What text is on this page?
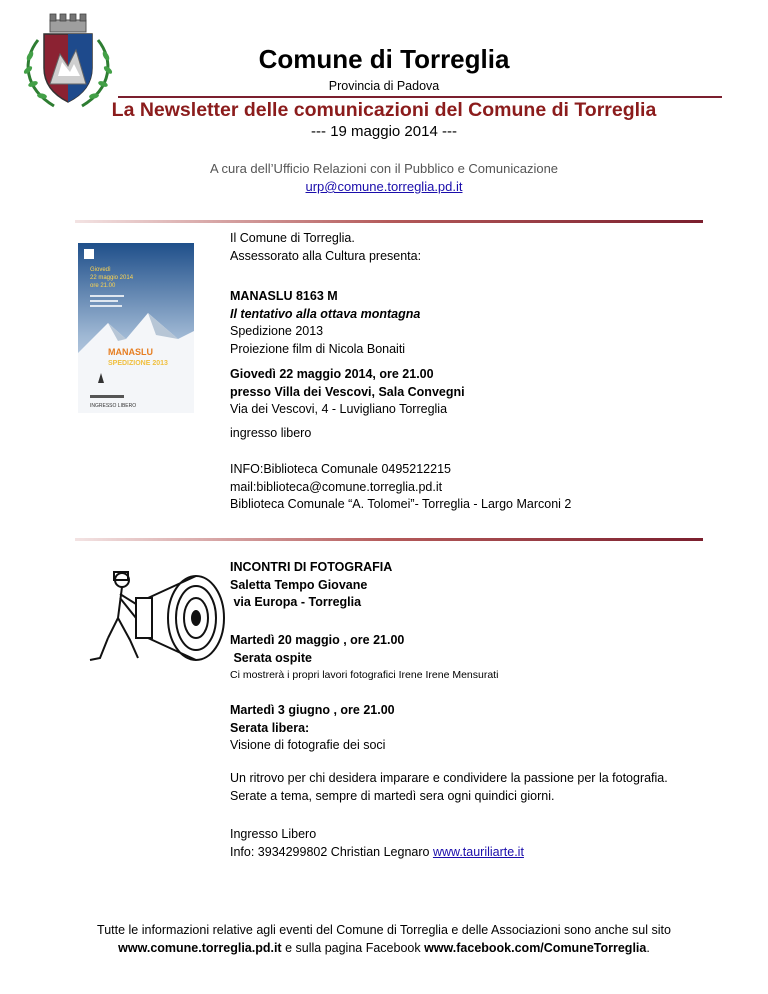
Comune di Torreglia
Provincia di Padova
La Newsletter delle comunicazioni del Comune di Torreglia
--- 19 maggio 2014 ---
A cura dell’Ufficio Relazioni con il Pubblico e Comunicazione
urp@comune.torreglia.pd.it
Giovedì
22 maggio 2014
ore 21.00
MANASLU
SPEDIZIONE 2013
INGRESSO LIBERO

Il Comune di Torreglia.

Assessorato alla Cultura presenta:

MANASLU 8163 M

Il tentativo alla ottava montagna

Spedizione 2013

Proiezione film di Nicola Bonaiti

Giovedì 22 maggio 2014, ore 21.00

presso Villa dei Vescovi, Sala Convegni

Via dei Vescovi, 4 - Luvigliano Torreglia

ingresso libero

INFO:Biblioteca Comunale 0495212215

mail:biblioteca@comune.torreglia.pd.it

Biblioteca Comunale “A. Tolomei”- Torreglia - Largo Marconi 2

INCONTRI DI FOTOGRAFIA

Saletta Tempo Giovane

via Europa - Torreglia

Martedì 20 maggio , ore 21.00

Serata ospite

Ci mostrerà i propri lavori fotografici Irene Irene Mensurati

Martedì 3 giugno , ore 21.00

Serata libera:

Visione di fotografie dei soci

Un ritrovo per chi desidera imparare e condividere la passione per la fotografia.

Serate a tema, sempre di martedì sera ogni quindici giorni.

Ingresso Libero

Info: 3934299802 Christian Legnaro www.tauriliarte.it

Tutte le informazioni relative agli eventi del Comune di Torreglia e delle Associazioni sono anche sul sito
www.comune.torreglia.pd.it e sulla pagina Facebook www.facebook.com/ComuneTorreglia.
